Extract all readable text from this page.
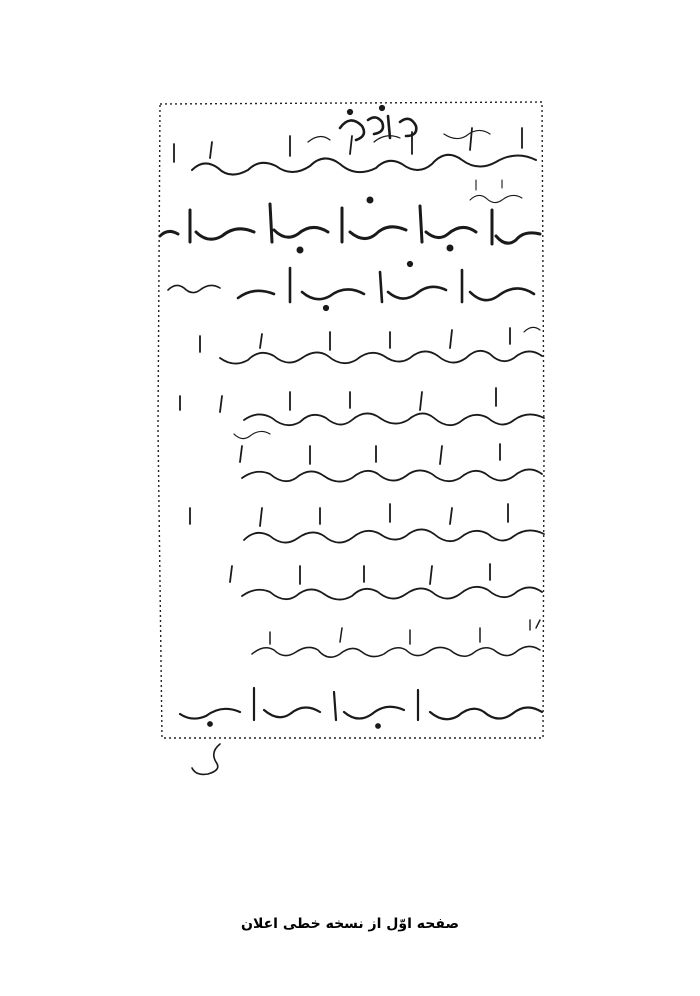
صفحه اوّل از نسخه خطی اعلان
